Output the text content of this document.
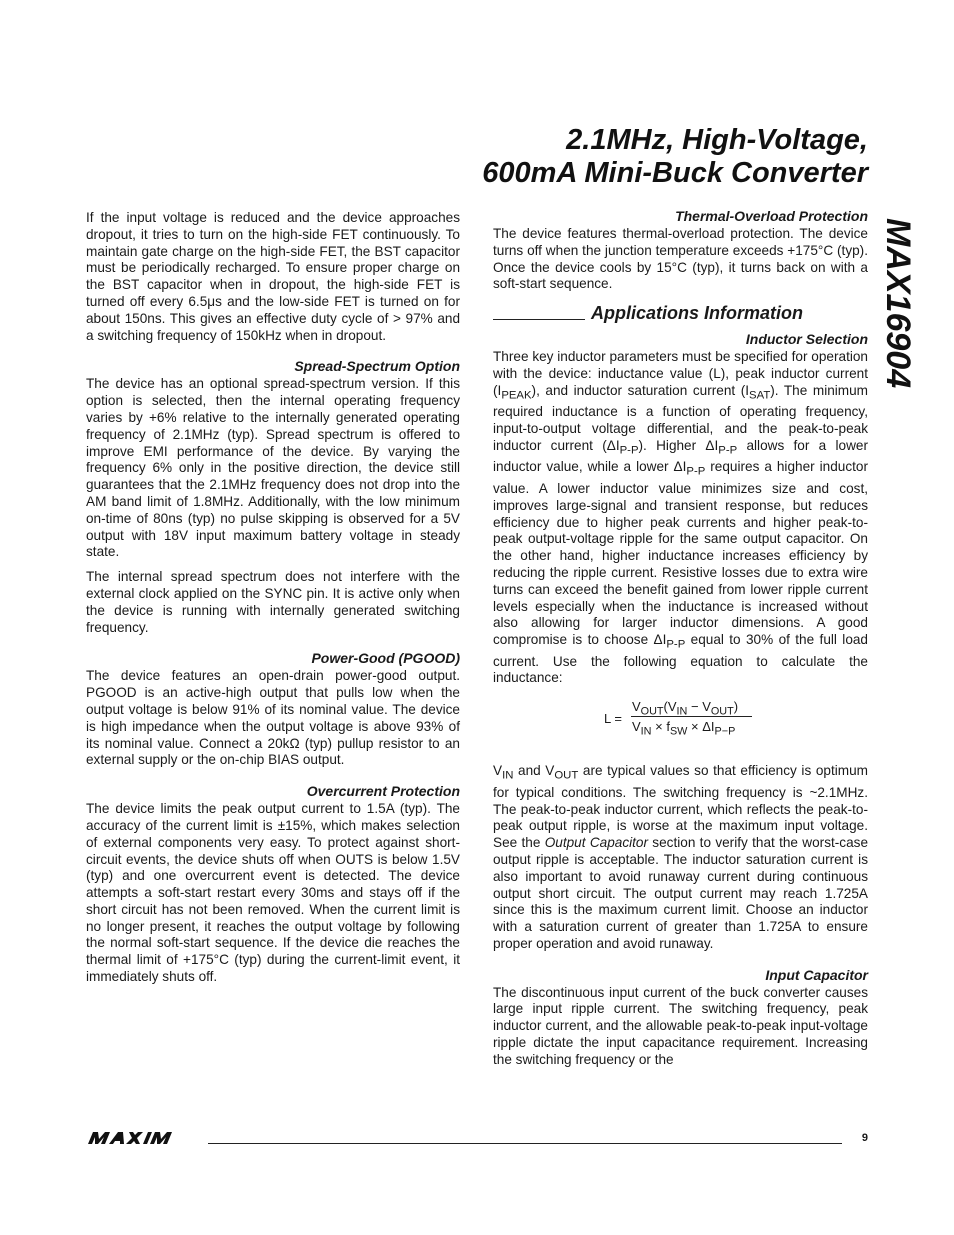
2.1MHz, High-Voltage,
600mA Mini-Buck Converter
MAX16904

If the input voltage is reduced and the device approaches dropout, it tries to turn on the high-side FET continuously. To maintain gate charge on the high-side FET, the BST capacitor must be periodically recharged. To ensure proper charge on the BST capacitor when in dropout, the high-side FET is turned off every 6.5μs and the low-side FET is turned on for about 150ns. This gives an effective duty cycle of > 97% and a switching frequency of 150kHz when in dropout.

Spread-Spectrum Option

The device has an optional spread-spectrum version. If this option is selected, then the internal operating frequency varies by +6% relative to the internally generated operating frequency of 2.1MHz (typ). Spread spectrum is offered to improve EMI performance of the device. By varying the frequency 6% only in the positive direction, the device still guarantees that the 2.1MHz frequency does not drop into the AM band limit of 1.8MHz. Additionally, with the low minimum on-time of 80ns (typ) no pulse skipping is observed for a 5V output with 18V input maximum battery voltage in steady state.

The internal spread spectrum does not interfere with the external clock applied on the SYNC pin. It is active only when the device is running with internally generated switching frequency.

Power-Good (PGOOD)

The device features an open-drain power-good output. PGOOD is an active-high output that pulls low when the output voltage is below 91% of its nominal value. The device is high impedance when the output voltage is above 93% of its nominal value. Connect a 20kΩ (typ) pullup resistor to an external supply or the on-chip BIAS output.

Overcurrent Protection

The device limits the peak output current to 1.5A (typ). The accuracy of the current limit is ±15%, which makes selection of external components very easy. To protect against short-circuit events, the device shuts off when OUTS is below 1.5V (typ) and one overcurrent event is detected. The device attempts a soft-start restart every 30ms and stays off if the short circuit has not been removed. When the current limit is no longer present, it reaches the output voltage by following the normal soft-start sequence. If the device die reaches the thermal limit of +175°C (typ) during the current-limit event, it immediately shuts off.

Thermal-Overload Protection

The device features thermal-overload protection. The device turns off when the junction temperature exceeds +175°C (typ). Once the device cools by 15°C (typ), it turns back on with a soft-start sequence.

Applications Information
Inductor Selection

Three key inductor parameters must be specified for operation with the device: inductance value (L), peak inductor current $(I_{PEAK})$, and inductor saturation current $(I_{SAT})$. The minimum required inductance is a function of operating frequency, input-to-output voltage differential, and the peak-to-peak inductor current $(\Delta I_{P-P})$. Higher $\Delta I_{P-P}$ allows for a lower inductor value, while a lower $\Delta I_{P-P}$ requires a higher inductor value. A lower inductor value minimizes size and cost, improves large-signal and transient response, but reduces efficiency due to higher peak currents and higher peak-to-peak output-voltage ripple for the same output capacitor. On the other hand, higher inductance increases efficiency by reducing the ripple current. Resistive losses due to extra wire turns can exceed the benefit gained from lower ripple current levels especially when the inductance is increased without also allowing for larger inductor dimensions. A good compromise is to choose $\Delta I_{P-P}$ equal to 30% of the full load current. Use the following equation to calculate the inductance:

L =
$V_{OUT}(V_{IN} - V_{OUT})$
$V_{IN} \times f_{SW} \times \Delta I_{P-P}$

$V_{IN}$ and $V_{OUT}$ are typical values so that efficiency is optimum for typical conditions. The switching frequency is ~2.1MHz. The peak-to-peak inductor current, which reflects the peak-to-peak output ripple, is worse at the maximum input voltage. See the Output Capacitor section to verify that the worst-case output ripple is acceptable. The inductor saturation current is also important to avoid runaway current during continuous output short circuit. The output current may reach 1.725A since this is the maximum current limit. Choose an inductor with a saturation current of greater than 1.725A to ensure proper operation and avoid runaway.

Input Capacitor

The discontinuous input current of the buck converter causes large input ripple current. The switching frequency, peak inductor current, and the allowable peak-to-peak input-voltage ripple dictate the input capacitance requirement. Increasing the switching frequency or the

9
